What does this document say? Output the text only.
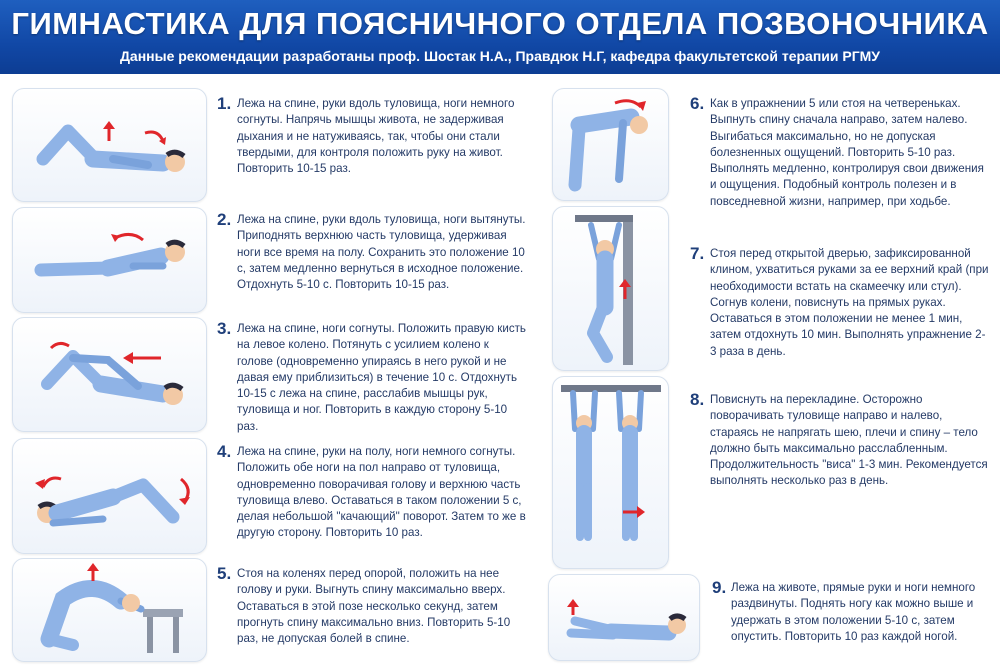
ГИМНАСТИКА ДЛЯ ПОЯСНИЧНОГО ОТДЕЛА ПОЗВОНОЧНИКА
Данные рекомендации разработаны проф. Шостак Н.А., Правдюк Н.Г, кафедра факультетской терапии РГМУ
1. Лежа на спине, руки вдоль туловища, ноги немного согнуты. Напрячь мышцы живота, не задерживая дыхания и не натуживаясь, так, чтобы они стали твердыми, для контроля положить руку на живот. Повторить 10-15 раз.
2. Лежа на спине, руки вдоль туловища, ноги вытянуты. Приподнять верхнюю часть туловища, удерживая ноги все время на полу. Сохранить это положение 10 с, затем медленно вернуться в исходное положение. Отдохнуть 5-10 с. Повторить 10-15 раз.
3. Лежа на спине, ноги согнуты. Положить правую кисть на левое колено. Потянуть с усилием колено к голове (одновременно упираясь в него рукой и не давая ему приблизиться) в течение 10 с. Отдохнуть 10-15 с лежа на спине, расслабив мышцы рук, туловища и ног. Повторить в каждую сторону 5-10 раз.
4. Лежа на спине, руки на полу, ноги немного согнуты. Положить обе ноги на пол направо от туловища, одновременно поворачивая голову и верхнюю часть туловища влево. Оставаться в таком положении 5 с, делая небольшой "качающий" поворот. Затем то же в другую сторону. Повторить 10 раз.
5. Стоя на коленях перед опорой, положить на нее голову и руки. Выгнуть спину максимально вверх. Оставаться в этой позе несколько секунд, затем прогнуть спину максимально вниз. Повторить 5-10 раз, не допуская болей в спине.
6. Как в упражнении 5 или стоя на четвереньках. Выпнуть спину сначала направо, затем налево. Выгибаться максимально, но не допуская болезненных ощущений. Повторить 5-10 раз. Выполнять медленно, контролируя свои движения и ощущения. Подобный контроль полезен и в повседневной жизни, например, при ходьбе.
7. Стоя перед открытой дверью, зафиксированной клином, ухватиться руками за ее верхний край (при необходимости встать на скамеечку или стул). Согнув колени, повиснуть на прямых руках. Оставаться в этом положении не менее 1 мин, затем отдохнуть 10 мин. Выполнять упражнение 2-3 раза в день.
8. Повиснуть на перекладине. Осторожно поворачивать туловище направо и налево, стараясь не напрягать шею, плечи и спину – тело должно быть максимально расслабленным. Продолжительность "виса" 1-3 мин. Рекомендуется выполнять несколько раз в день.
9. Лежа на животе, прямые руки и ноги немного раздвинуты. Поднять ногу как можно выше и удержать в этом положении 5-10 с, затем опустить. Повторить 10 раз каждой ногой.
